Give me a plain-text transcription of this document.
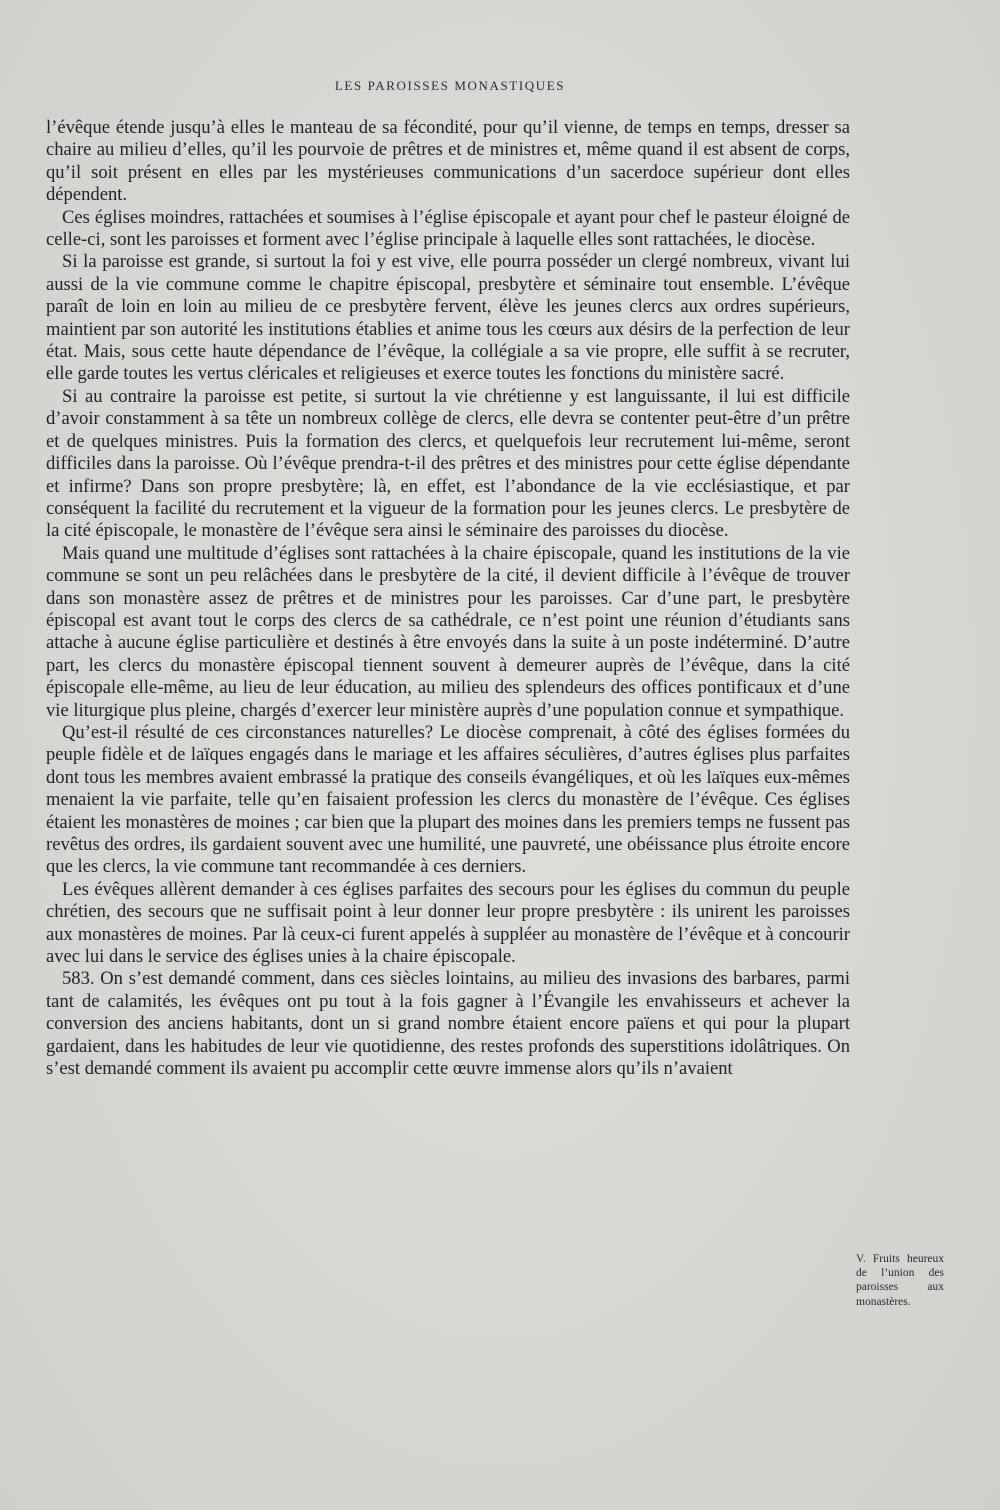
LES PAROISSES MONASTIQUES

l’évêque étende jusqu’à elles le manteau de sa fécondité, pour qu’il vienne, de temps en temps, dresser sa chaire au milieu d’elles, qu’il les pourvoie de prêtres et de ministres et, même quand il est absent de corps, qu’il soit présent en elles par les mystérieuses communications d’un sacerdoce supérieur dont elles dépendent.

Ces églises moindres, rattachées et soumises à l’église épiscopale et ayant pour chef le pasteur éloigné de celle-ci, sont les paroisses et forment avec l’église principale à laquelle elles sont rattachées, le diocèse.

Si la paroisse est grande, si surtout la foi y est vive, elle pourra posséder un clergé nombreux, vivant lui aussi de la vie commune comme le chapitre épiscopal, presbytère et séminaire tout ensemble. L’évêque paraît de loin en loin au milieu de ce presbytère fervent, élève les jeunes clercs aux ordres supérieurs, maintient par son autorité les institutions établies et anime tous les cœurs aux désirs de la perfection de leur état. Mais, sous cette haute dépendance de l’évêque, la collégiale a sa vie propre, elle suffit à se recruter, elle garde toutes les vertus cléricales et religieuses et exerce toutes les fonctions du ministère sacré.

Si au contraire la paroisse est petite, si surtout la vie chrétienne y est languissante, il lui est difficile d’avoir constamment à sa tête un nombreux collège de clercs, elle devra se contenter peut-être d’un prêtre et de quelques ministres. Puis la formation des clercs, et quelquefois leur recrutement lui-même, seront difficiles dans la paroisse. Où l’évêque prendra-t-il des prêtres et des ministres pour cette église dépendante et infirme? Dans son propre presbytère; là, en effet, est l’abondance de la vie ecclésiastique, et par conséquent la facilité du recrutement et la vigueur de la formation pour les jeunes clercs. Le presbytère de la cité épiscopale, le monastère de l’évêque sera ainsi le séminaire des paroisses du diocèse.

Mais quand une multitude d’églises sont rattachées à la chaire épiscopale, quand les institutions de la vie commune se sont un peu relâchées dans le presbytère de la cité, il devient difficile à l’évêque de trouver dans son monastère assez de prêtres et de ministres pour les paroisses. Car d’une part, le presbytère épiscopal est avant tout le corps des clercs de sa cathédrale, ce n’est point une réunion d’étudiants sans attache à aucune église particulière et destinés à être envoyés dans la suite à un poste indéterminé. D’autre part, les clercs du monastère épiscopal tiennent souvent à demeurer auprès de l’évêque, dans la cité épiscopale elle-même, au lieu de leur éducation, au milieu des splendeurs des offices pontificaux et d’une vie liturgique plus pleine, chargés d’exercer leur ministère auprès d’une population connue et sympathique.

Qu’est-il résulté de ces circonstances naturelles? Le diocèse comprenait, à côté des églises formées du peuple fidèle et de laïques engagés dans le mariage et les affaires séculières, d’autres églises plus parfaites dont tous les membres avaient embrassé la pratique des conseils évangéliques, et où les laïques eux-mêmes menaient la vie parfaite, telle qu’en faisaient profession les clercs du monastère de l’évêque. Ces églises étaient les monastères de moines ; car bien que la plupart des moines dans les premiers temps ne fussent pas revêtus des ordres, ils gardaient souvent avec une humilité, une pauvreté, une obéissance plus étroite encore que les clercs, la vie commune tant recommandée à ces derniers.

Les évêques allèrent demander à ces églises parfaites des secours pour les églises du commun du peuple chrétien, des secours que ne suffisait point à leur donner leur propre presbytère : ils unirent les paroisses aux monastères de moines. Par là ceux-ci furent appelés à suppléer au monastère de l’évêque et à concourir avec lui dans le service des églises unies à la chaire épiscopale.

583. On s’est demandé comment, dans ces siècles lointains, au milieu des invasions des barbares, parmi tant de calamités, les évêques ont pu tout à la fois gagner à l’Évangile les envahisseurs et achever la conversion des anciens habitants, dont un si grand nombre étaient encore païens et qui pour la plupart gardaient, dans les habitudes de leur vie quotidienne, des restes profonds des superstitions idolâtriques. On s’est demandé comment ils avaient pu accomplir cette œuvre immense alors qu’ils n’avaient

V. Fruits heureux de l’union des paroisses aux monastères.
